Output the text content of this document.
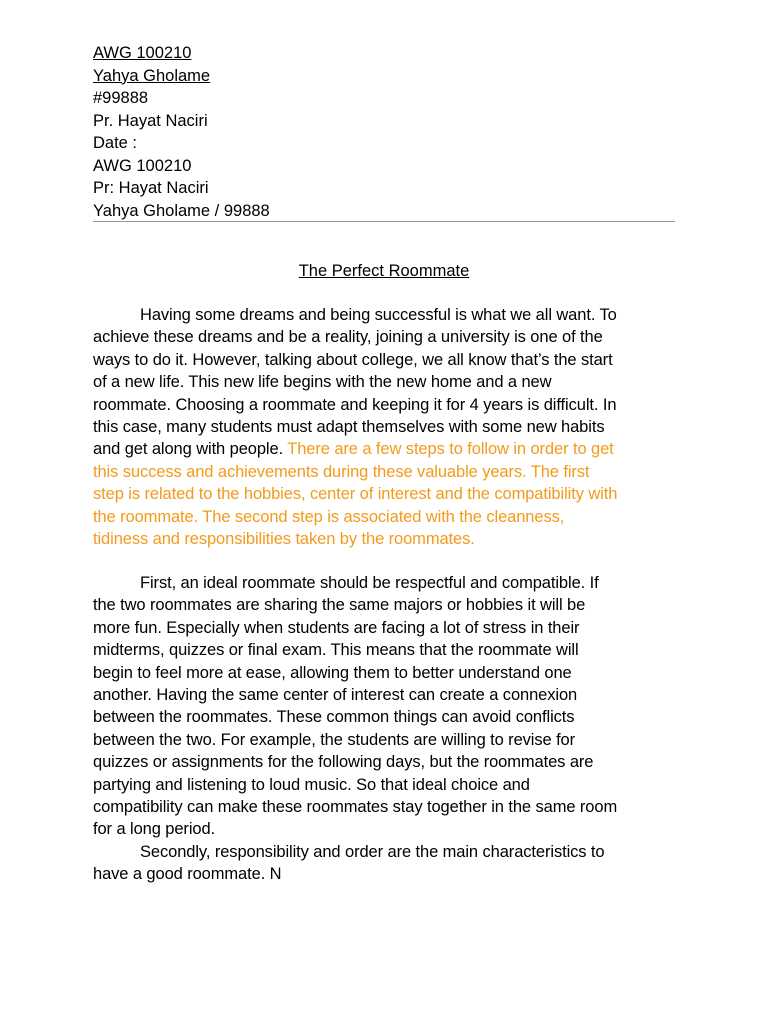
AWG 100210
Yahya Gholame
#99888
Pr. Hayat Naciri
Date :
AWG 100210
Pr: Hayat Naciri
Yahya Gholame / 99888
The Perfect Roommate
Having some dreams and being successful is what we all want. To
achieve these dreams and be a reality, joining a university is one of the
ways to do it. However, talking about college, we all know that’s the start
of a new life. This new life begins with the new home and a new
roommate. Choosing a roommate and keeping it for 4 years is difficult. In
this case, many students must adapt themselves with some new habits
and get along with people. There are a few steps to follow in order to get
this success and achievements during these valuable years. The first
step is related to the hobbies, center of interest and the compatibility with
the roommate. The second step is associated with the cleanness,
tidiness and responsibilities taken by the roommates.
First, an ideal roommate should be respectful and compatible. If
the two roommates are sharing the same majors or hobbies it will be
more fun. Especially when students are facing a lot of stress in their
midterms, quizzes or final exam. This means that the roommate will
begin to feel more at ease, allowing them to better understand one
another. Having the same center of interest can create a connexion
between the roommates. These common things can avoid conflicts
between the two. For example, the students are willing to revise for
quizzes or assignments for the following days, but the roommates are
partying and listening to loud music. So that ideal choice and
compatibility can make these roommates stay together in the same room
for a long period.
Secondly, responsibility and order are the main characteristics to
have a good roommate. N
